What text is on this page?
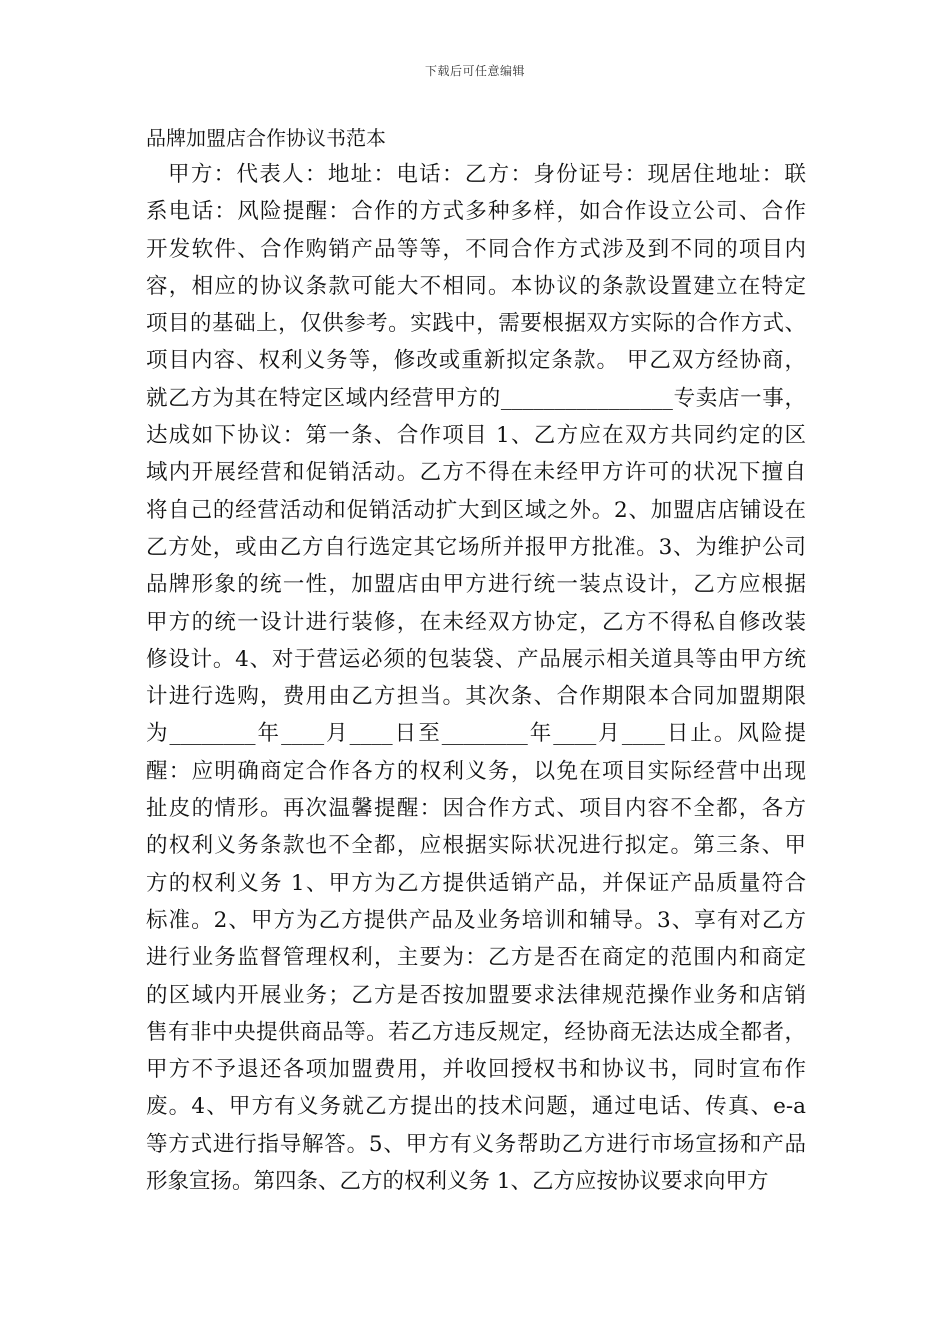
下载后可任意编辑
品牌加盟店合作协议书范本
甲方：代表人：地址：电话：乙方：身份证号：现居住地址：联
系电话：风险提醒：合作的方式多种多样，如合作设立公司、合作
开发软件、合作购销产品等等，不同合作方式涉及到不同的项目内
容，相应的协议条款可能大不相同。本协议的条款设置建立在特定
项目的基础上，仅供参考。实践中，需要根据双方实际的合作方式、
项目内容、权利义务等，修改或重新拟定条款。 甲乙双方经协商，
就乙方为其在特定区域内经营甲方的________________专卖店一事，
达成如下协议：第一条、合作项目 1、乙方应在双方共同约定的区
域内开展经营和促销活动。乙方不得在未经甲方许可的状况下擅自
将自己的经营活动和促销活动扩大到区域之外。2、加盟店店铺设在
乙方处，或由乙方自行选定其它场所并报甲方批准。3、为维护公司
品牌形象的统一性，加盟店由甲方进行统一装点设计，乙方应根据
甲方的统一设计进行装修，在未经双方协定，乙方不得私自修改装
修设计。4、对于营运必须的包装袋、产品展示相关道具等由甲方统
计进行选购，费用由乙方担当。其次条、合作期限本合同加盟期限
为________年____月____日至________年____月____日止。风险提
醒：应明确商定合作各方的权利义务，以免在项目实际经营中出现
扯皮的情形。再次温馨提醒：因合作方式、项目内容不全都，各方
的权利义务条款也不全都，应根据实际状况进行拟定。第三条、甲
方的权利义务 1、甲方为乙方提供适销产品，并保证产品质量符合
标准。2、甲方为乙方提供产品及业务培训和辅导。3、享有对乙方
进行业务监督管理权利，主要为：乙方是否在商定的范围内和商定
的区域内开展业务；乙方是否按加盟要求法律规范操作业务和店销
售有非中央提供商品等。若乙方违反规定，经协商无法达成全都者，
甲方不予退还各项加盟费用，并收回授权书和协议书，同时宣布作
废。4、甲方有义务就乙方提出的技术问题，通过电话、传真、e-a
等方式进行指导解答。5、甲方有义务帮助乙方进行市场宣扬和产品
形象宣扬。第四条、乙方的权利义务 1、乙方应按协议要求向甲方
